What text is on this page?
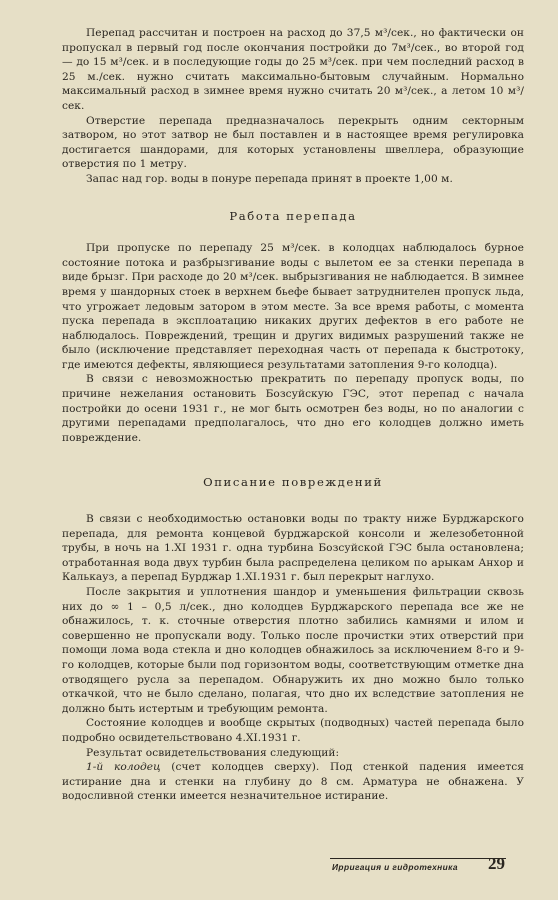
Перепад рассчитан и построен на расход до 37,5 м³/сек., но фактически он пропускал в первый год после окончания постройки до 7м³/сек., во второй год — до 15 м³/сек. и в последующие годы до 25 м³/сек. при чем последний расход в 25 м./сек. нужно считать максимально-бытовым случайным. Нормально максимальный расход в зимнее время нужно считать 20 м³/сек., а летом 10 м³/сек.

Отверстие перепада предназначалось перекрыть одним секторным затвором, но этот затвор не был поставлен и в настоящее время регулировка достигается шандорами, для которых установлены швеллера, образующие отверстия по 1 метру.

Запас над гор. воды в понуре перепада принят в проекте 1,00 м.

Работа перепада

При пропуске по перепаду 25 м³/сек. в колодцах наблюдалось бурное состояние потока и разбрызгивание воды с вылетом ее за стенки перепада в виде брызг. При расходе до 20 м³/сек. выбрызгивания не наблюдается. В зимнее время у шандорных стоек в верхнем бьефе бывает затруднителен пропуск льда, что угрожает ледовым затором в этом месте. За все время работы, с момента пуска перепада в эксплоатацию никаких других дефектов в его работе не наблюдалось. Повреждений, трещин и других видимых разрушений также не было (исключение представляет переходная часть от перепада к быстротоку, где имеются дефекты, являющиеся результатами затопления 9-го колодца).

В связи с невозможностью прекратить по перепаду пропуск воды, по причине нежелания остановить Бозсуйскую ГЭС, этот перепад с начала постройки до осени 1931 г., не мог быть осмотрен без воды, но по аналогии с другими перепадами предполагалось, что дно его колодцев должно иметь повреждение.

Описание повреждений

В связи с необходимостью остановки воды по тракту ниже Бурджарского перепада, для ремонта концевой бурджарской консоли и железобетонной трубы, в ночь на 1.XI 1931 г. одна турбина Бозсуйской ГЭС была остановлена; отработанная вода двух турбин была распределена целиком по арыкам Анхор и Калькауз, а перепад Бурджар 1.XI.1931 г. был перекрыт наглухо.

После закрытия и уплотнения шандор и уменьшения фильтрации сквозь них до ∞ 1 – 0,5 л/сек., дно колодцев Бурджарского перепада все же не обнажилось, т. к. сточные отверстия плотно забились камнями и илом и совершенно не пропускали воду. Только после прочистки этих отверстий при помощи лома вода стекла и дно колодцев обнажилось за исключением 8-го и 9-го колодцев, которые были под горизонтом воды, соответствующим отметке дна отводящего русла за перепадом. Обнаружить их дно можно было только откачкой, что не было сделано, полагая, что дно их вследствие затопления не должно быть истертым и требующим ремонта.

Состояние колодцев и вообще скрытых (подводных) частей перепада было подробно освидетельствовано 4.XI.1931 г.

Результат освидетельствования следующий:

1-й колодец (счет колодцев сверху). Под стенкой падения имеется истирание дна и стенки на глубину до 8 см. Арматура не обнажена. У водосливной стенки имеется незначительное истирание.

Ирригация и гидротехника 29
